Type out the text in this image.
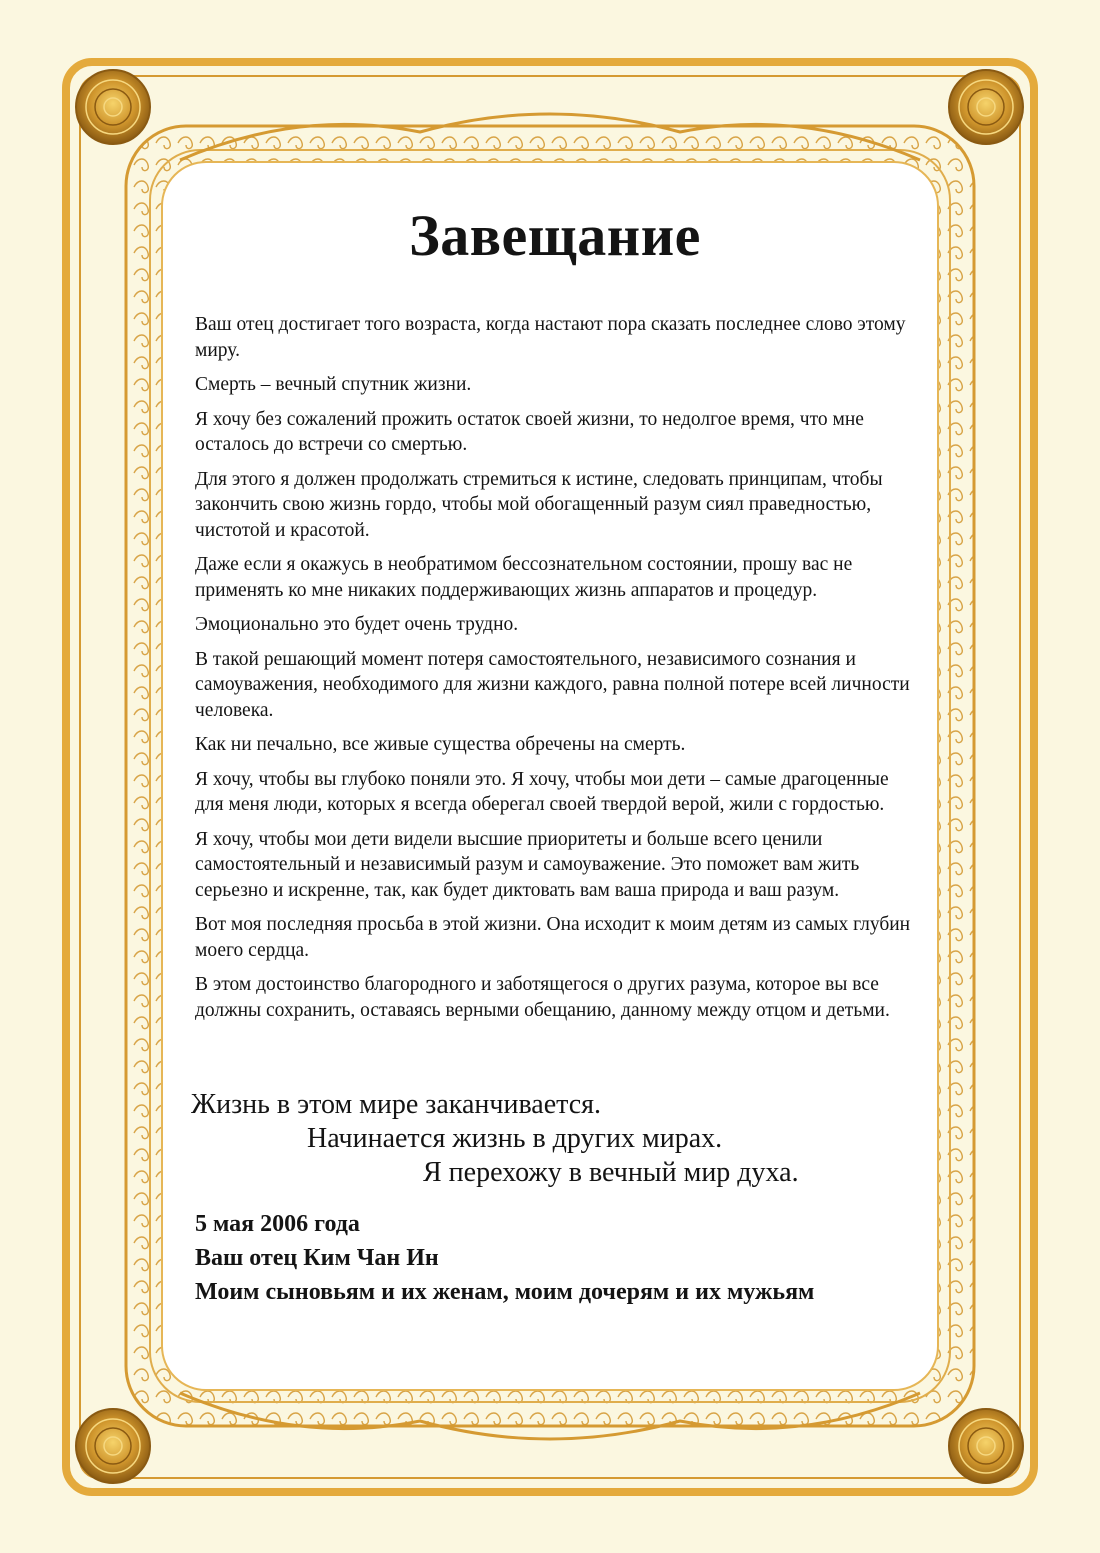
Завещание

Ваш отец достигает того возраста, когда настают пора сказать последнее слово этому миру.

Смерть – вечный спутник жизни.

Я хочу без сожалений прожить остаток своей жизни, то недолгое время, что мне осталось до встречи со смертью.

Для этого я должен продолжать стремиться к истине, следовать принципам, чтобы закончить свою жизнь гордо, чтобы мой обогащенный разум сиял праведностью, чистотой и красотой.

Даже если я окажусь в необратимом бессознательном состоянии, прошу вас не применять ко мне никаких поддерживающих жизнь аппаратов и процедур.

Эмоционально это будет очень трудно.

В такой решающий момент потеря самостоятельного, независимого сознания и самоуважения, необходимого для жизни каждого, равна полной потере всей личности человека.

Как ни печально, все живые существа обречены на смерть.

Я хочу, чтобы вы глубоко поняли это. Я хочу, чтобы мои дети – самые драгоценные для меня люди, которых я всегда оберегал своей твердой верой, жили с гордостью.

Я хочу, чтобы мои дети видели высшие приоритеты и больше всего ценили самостоятельный и независимый разум и самоуважение. Это поможет вам жить серьезно и искренне, так, как будет диктовать вам ваша природа и ваш разум.

Вот моя последняя просьба в этой жизни. Она исходит к моим детям из самых глубин моего сердца.

В этом достоинство благородного и заботящегося о других разума, которое вы все должны сохранить, оставаясь верными обещанию, данному между отцом и детьми.

Жизнь в этом мире заканчивается.
Начинается жизнь в других мирах.
Я перехожу в вечный мир духа.
5 мая 2006 года
Ваш отец Ким Чан Ин
Моим сыновьям и их женам, моим дочерям и их мужьям
